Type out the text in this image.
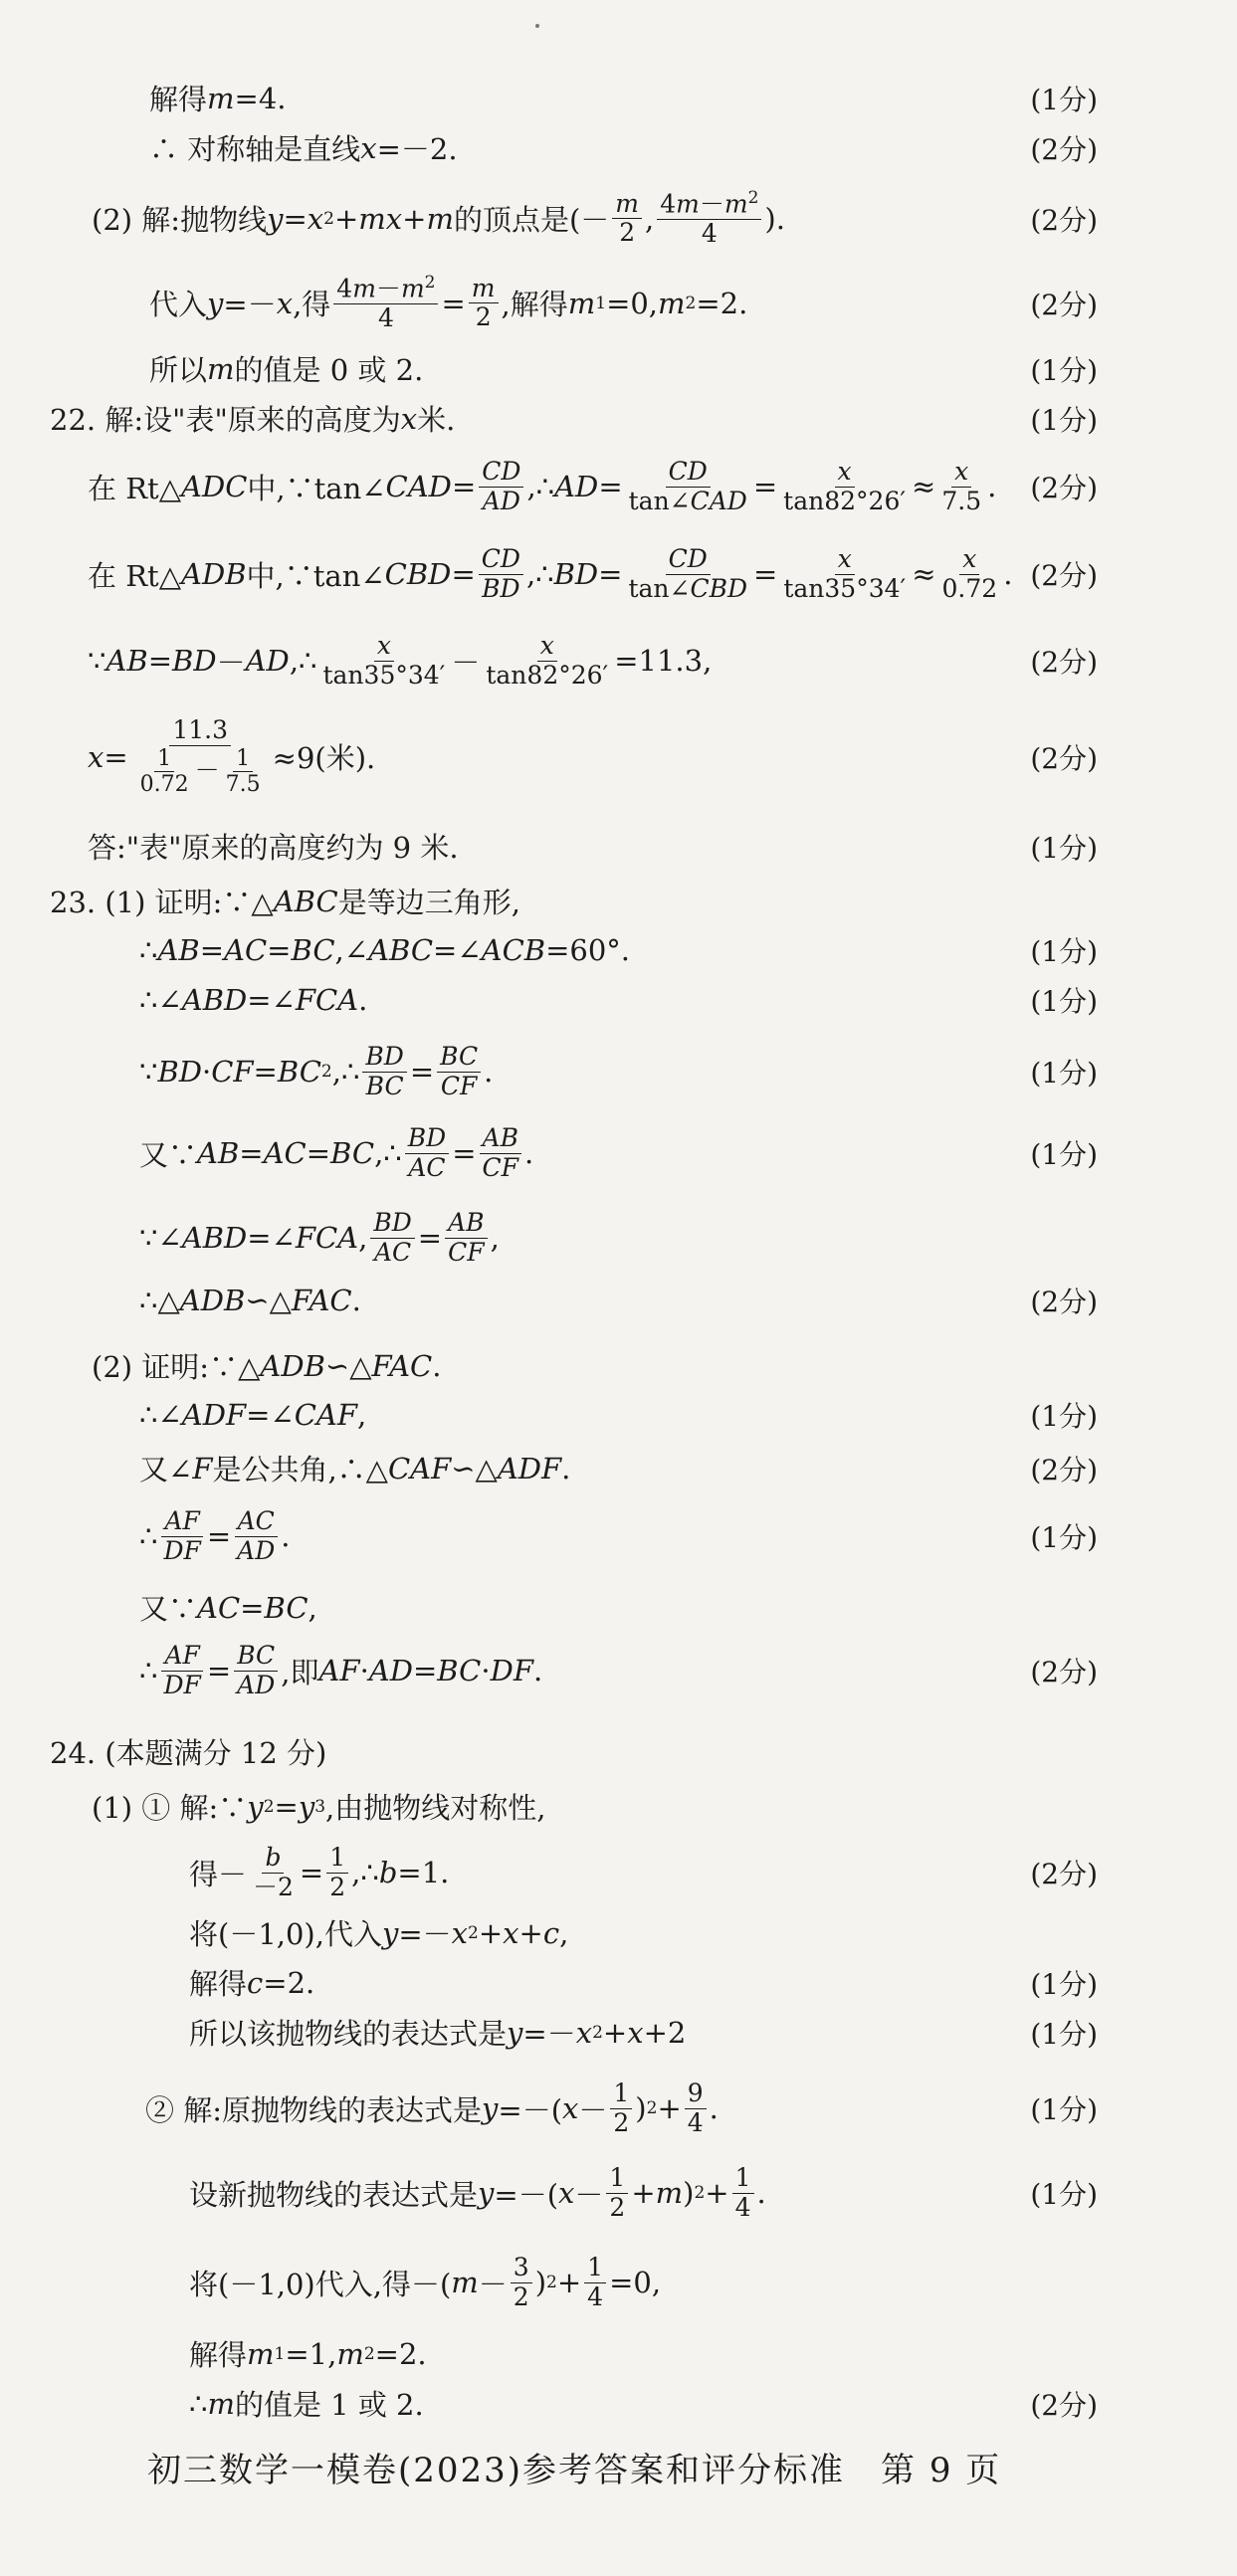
解得 m =4.	(1分)
∴ 对称轴是直线 x =－2.	(2分)
(2) 解:抛物线 y = x 2 + mx + m 的顶点是(－ $\frac{m}{2}$ , $\frac{4m-m^2}{4}$ ).	(2分)
代入 y =－ x ,得 $\frac{4m-m^2}{4} = \frac{m}{2}$ ,解得 m 1 =0, m 2 =2.	(2分)
所以 m 的值是 0 或 2.	(1分)
22. 解:设"表"原来的高度为 x 米.	(1分)
在 Rt△ ADC 中,∵tan∠ CAD = $\frac{CD}{AD}$ ,∴ AD = $\frac{CD}{\text{tan∠CAD}} = \frac{x}{\tan 82^\circ 26'} \approx \frac{x}{7.5}$ . (2分)
在 Rt△ ADB 中,∵tan∠ CBD = $\frac{CD}{BD}$ ,∴ BD = $\frac{CD}{\text{tan∠CBD}} = \frac{x}{\tan 35^\circ 34'} \approx \frac{x}{0.72}$ . (2分)
∵ AB = BD － AD ,∴ $\frac{x}{\tan 35^\circ 34'} - \frac{x}{\tan 82^\circ 26'} =11.3$,	(2分)
$x = \frac{11.3}{\frac{1}{0.72} - \frac{1}{7.5}} \approx 9$(米).	(2分)
答:"表"原来的高度约为 9 米.	(1分)
23. (1) 证明:∵△ ABC 是等边三角形,
∴ AB = AC = BC ,∠ ABC =∠ ACB =60°.	(1分)
∴∠ ABD =∠ FCA .	(1分)
∵ BD · CF = BC 2 ,∴ $\frac{BD}{BC} = \frac{BC}{CF}$ .	(1分)
又∵ AB = AC = BC ,∴ $\frac{BD}{AC} = \frac{AB}{CF}$ .	(1分)
∵∠ ABD =∠ FCA , $\frac{BD}{AC} = \frac{AB}{CF}$ ,
∴△ ADB ∽△ FAC .	(2分)
(2) 证明:∵△ ADB ∽△ FAC .
∴∠ ADF =∠ CAF ,	(1分)
又∠ F 是公共角,∴△ CAF ∽△ ADF .	(2分)
∴ $\frac{AF}{DF} = \frac{AC}{AD}$ .	(1分)
又∵ AC = BC ,
∴ $\frac{AF}{DF} = \frac{BC}{AD}$ ,即 AF · AD = BC · DF .	(2分)
24. (本题满分 12 分)
(1) ① 解:∵ y 2 = y 3 ,由抛物线对称性,
得－ $\frac{b}{-2} = \frac{1}{2}$ ,∴ b =1.	(2分)
将(－1,0),代入 y =－ x 2 + x + c ,
解得 c =2.	(1分)
所以该抛物线的表达式是 y =－ x 2 + x +2	(1分)
② 解:原抛物线的表达式是 y =－( $x - \frac{1}{2}$ ) $2 + \frac{9}{4}$ .	(1分)
设新抛物线的表达式是 y =－( $x - \frac{1}{2} + m$ ) $2 + \frac{1}{4}$ .	(1分)
将(－1,0)代入,得－( $m - \frac{3}{2}$ ) $2 + \frac{1}{4} =0$,
解得 m 1 =1, m 2 =2.
∴ m 的值是 1 或 2.	(2分)
初三数学一模卷(2023)参考答案和评分标准　第 9 页
